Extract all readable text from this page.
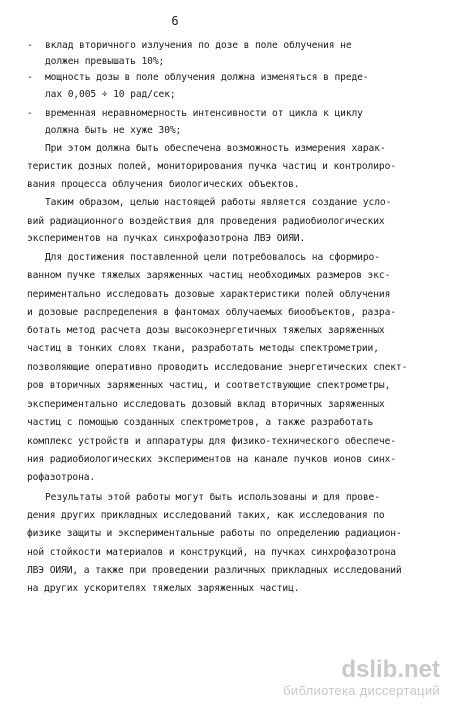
6
- вклад вторичного излучения по дозе в поле облучения не
должен превышать 10%;
- мощность дозы в поле облучения должна изменяться в преде-
лах 0,005 ÷ 10 рад/сек;
- временная неравномерность интенсивности от цикла к циклу
должна быть не хуже 30%;
При этом должна быть обеспечена возможность измерения харак-
теристик дозных полей, мониторирования пучка частиц и контролиро-
вания процесса облучения биологических объектов.
Таким образом, целью настоящей работы является создание усло-
вий радиационного воздействия для проведения радиобиологических
экспериментов на пучках синхрофазотрона ЛВЭ ОИЯИ.
Для достижения поставленной цели потребовалось на сформиро-
ванном пучке тяжелых заряженных частиц необходимых размеров экс-
периментально исследовать дозовые характеристики полей облучения
и дозовые распределения в фантомах облучаемых биообъектов, разра-
ботать метод расчета дозы высокоэнергетичных тяжелых заряженных
частиц в тонких слоях ткани, разработать методы спектрометрии,
позволяющие оперативно проводить исследование энергетических спект-
ров вторичных заряженных частиц, и соответствующие спектрометры,
экспериментально исследовать дозовый вклад вторичных заряженных
частиц с помощью созданных спектрометров, а также разработать
комплекс устройств и аппаратуры для физико-технического обеспече-
ния радиобиологических экспериментов на канале пучков ионов синх-
рофазотрона.
Результаты этой работы могут быть использованы и для прове-
дения других прикладных исследований таких, как исследования по
физике защиты и экспериментальные работы по определению радиацион-
ной стойкости материалов и конструкций, на пучках синхрофазотрона
ЛВЭ ОИЯИ, а также при проведении различных прикладных исследований
на других ускорителях тяжелых заряженных частиц.
dslib.net
библиотека диссертаций
